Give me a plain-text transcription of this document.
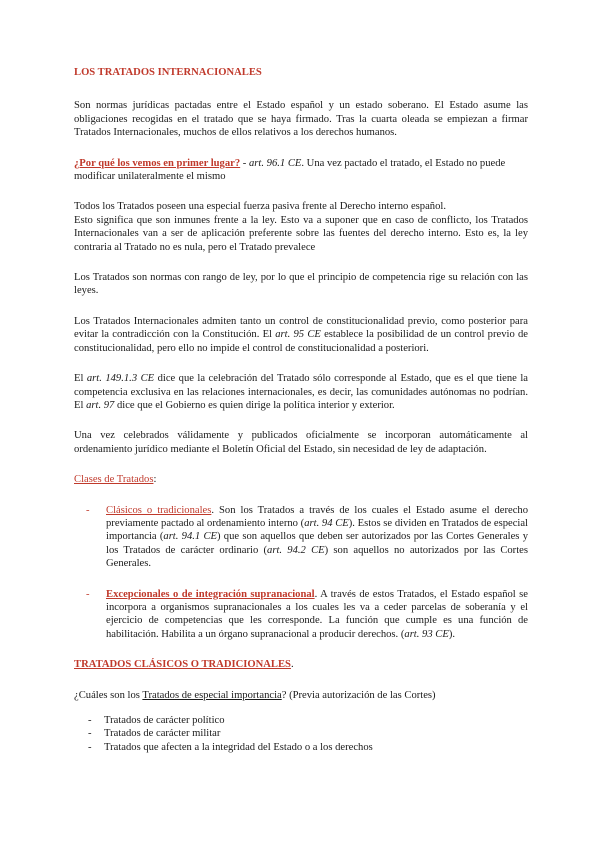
LOS TRATADOS INTERNACIONALES

Son normas jurídicas pactadas entre el Estado español y un estado soberano. El Estado asume las obligaciones recogidas en el tratado que se haya firmado. Tras la cuarta oleada se empiezan a firmar Tratados Internacionales, muchos de ellos relativos a los derechos humanos.

¿Por qué los vemos en primer lugar? - art. 96.1 CE. Una vez pactado el tratado, el Estado no puede modificar unilateralmente el mismo

Todos los Tratados poseen una especial fuerza pasiva frente al Derecho interno español.

Esto significa que son inmunes frente a la ley. Esto va a suponer que en caso de conflicto, los Tratados Internacionales van a ser de aplicación preferente sobre las fuentes del derecho interno. Esto es, la ley contraria al Tratado no es nula, pero el Tratado prevalece

Los Tratados son normas con rango de ley, por lo que el principio de competencia rige su relación con las leyes.

Los Tratados Internacionales admiten tanto un control de constitucionalidad previo, como posterior para evitar la contradicción con la Constitución. El art. 95 CE establece la posibilidad de un control previo de constitucionalidad, pero ello no impide el control de constitucionalidad a posteriori.

El art. 149.1.3 CE dice que la celebración del Tratado sólo corresponde al Estado, que es el que tiene la competencia exclusiva en las relaciones internacionales, es decir, las comunidades autónomas no podrían. El art. 97 dice que el Gobierno es quien dirige la política interior y exterior.

Una vez celebrados válidamente y publicados oficialmente se incorporan automáticamente al ordenamiento jurídico mediante el Boletín Oficial del Estado, sin necesidad de ley de adaptación.

Clases de Tratados:

- Clásicos o tradicionales. Son los Tratados a través de los cuales el Estado asume el derecho previamente pactado al ordenamiento interno (art. 94 CE). Estos se dividen en Tratados de especial importancia (art. 94.1 CE) que son aquellos que deben ser autorizados por las Cortes Generales y los Tratados de carácter ordinario (art. 94.2 CE) son aquellos no autorizados por las Cortes Generales.
- Excepcionales o de integración supranacional. A través de estos Tratados, el Estado español se incorpora a organismos supranacionales a los cuales les va a ceder parcelas de soberanía y el ejercicio de competencias que les corresponde. La función que cumple es una función de habilitación. Habilita a un órgano supranacional a producir derechos. (art. 93 CE).

TRATADOS CLÁSICOS O TRADICIONALES.

¿Cuáles son los Tratados de especial importancia? (Previa autorización de las Cortes)

- Tratados de carácter político
- Tratados de carácter militar
- Tratados que afecten a la integridad del Estado o a los derechos
